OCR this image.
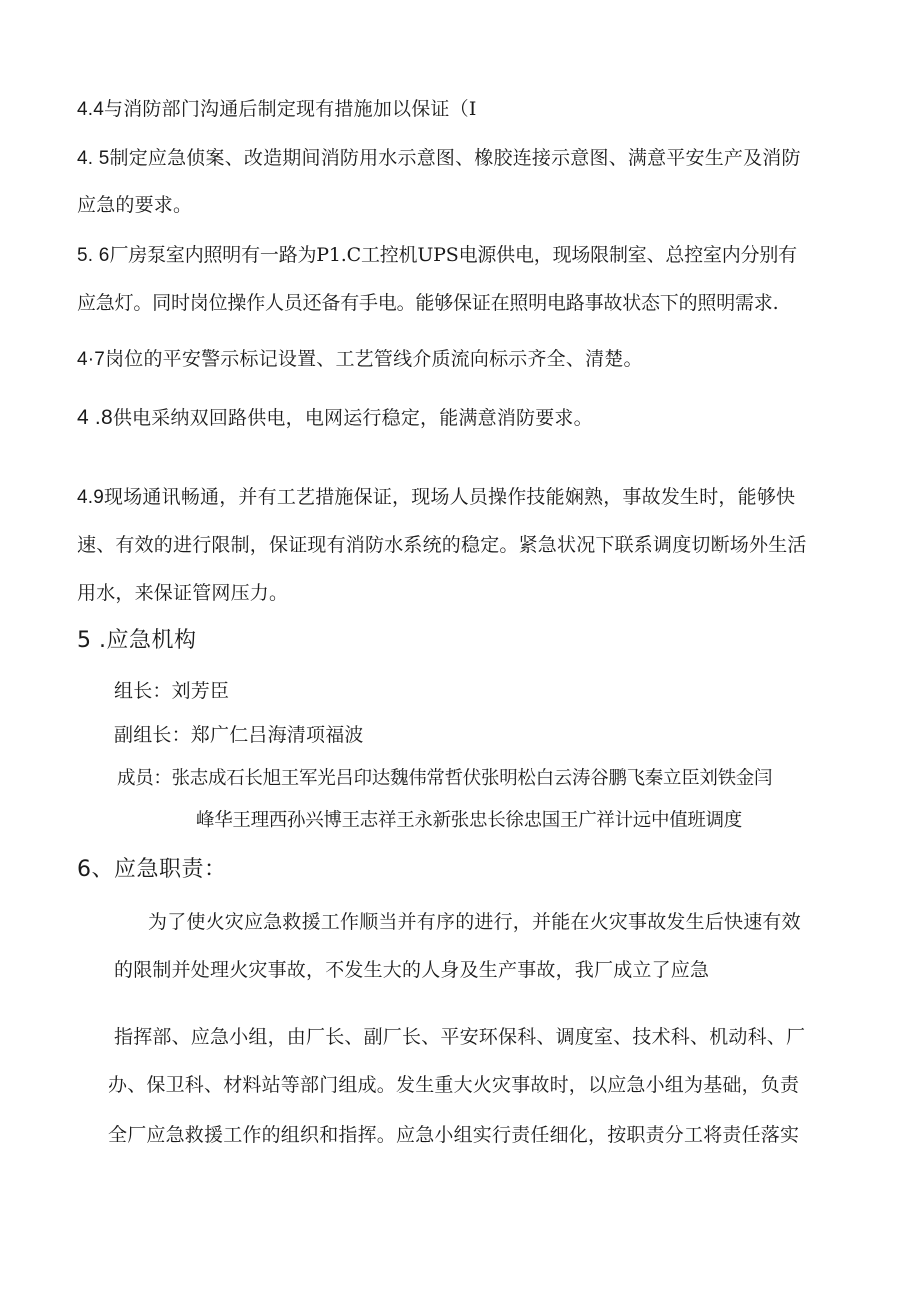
4.4与消防部门沟通后制定现有措施加以保证（I
4. 5制定应急侦案、改造期间消防用水示意图、橡胶连接示意图、满意平安生产及消防
应急的要求。
5. 6厂房泵室内照明有一路为P1.C工控机UPS电源供电，现场限制室、总控室内分别有
应急灯。同时岗位操作人员还备有手电。能够保证在照明电路事故状态下的照明需求.
4·7岗位的平安警示标记设置、工艺管线介质流向标示齐全、清楚。
4 .8供电采纳双回路供电，电网运行稳定，能满意消防要求。
4.9现场通讯畅通，并有工艺措施保证，现场人员操作技能娴熟，事故发生时，能够快
速、有效的进行限制，保证现有消防水系统的稳定。紧急状况下联系调度切断场外生活
用水，来保证管网压力。
5 .应急机构
组长：刘芳臣
副组长：郑广仁吕海清项福波
成员：张志成石长旭王军光吕印达魏伟常哲伏张明松白云涛谷鹏飞秦立臣刘铁金闫
峰华王理西孙兴博王志祥王永新张忠长徐忠国王广祥计远中值班调度
6、应急职责：
为了使火灾应急救援工作顺当并有序的进行，并能在火灾事故发生后快速有效
的限制并处理火灾事故，不发生大的人身及生产事故，我厂成立了应急
指挥部、应急小组，由厂长、副厂长、平安环保科、调度室、技术科、机动科、厂
办、保卫科、材料站等部门组成。发生重大火灾事故时，以应急小组为基础，负责
全厂应急救援工作的组织和指挥。应急小组实行责任细化，按职责分工将责任落实
